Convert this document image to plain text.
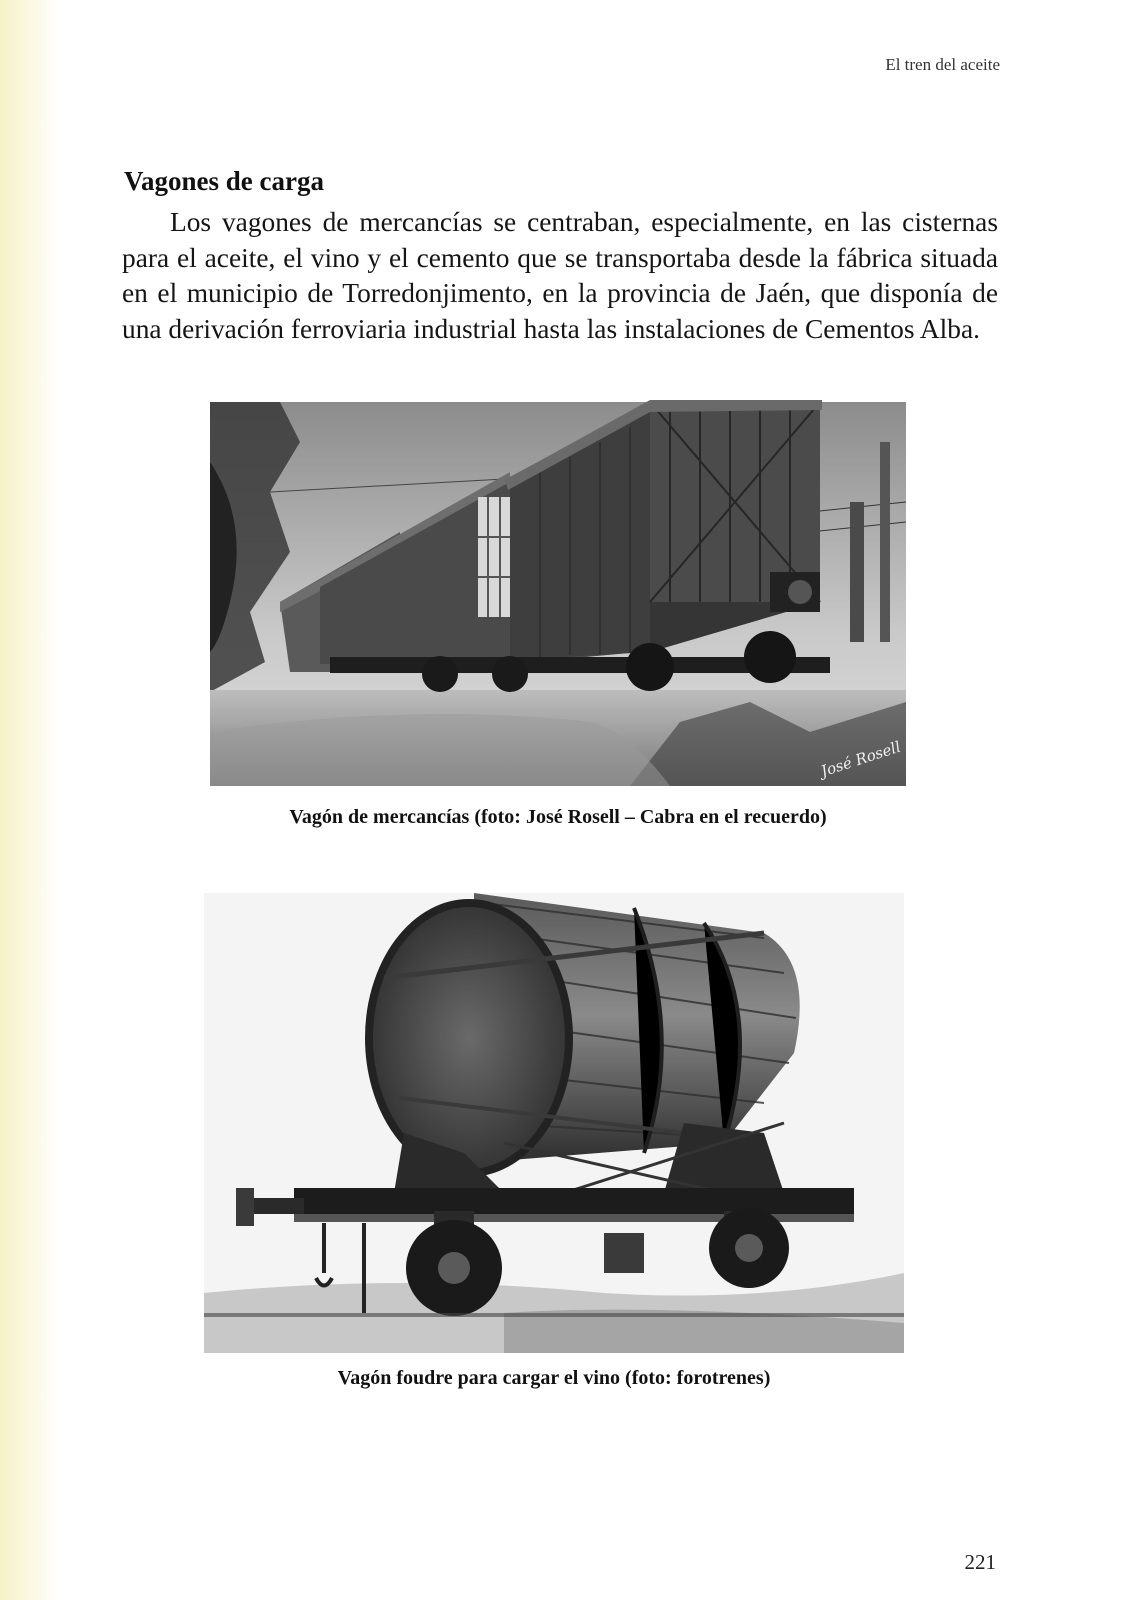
El tren del aceite
Vagones de carga

Los vagones de mercancías se centraban, especialmente, en las cisternas para el aceite, el vino y el cemento que se transportaba desde la fábrica situada en el municipio de Torredonjimento, en la provincia de Jaén, que disponía de una derivación ferroviaria industrial hasta las instalaciones de Cementos Alba.

José Rosell

Vagón de mercancías (foto: José Rosell – Cabra en el recuerdo)

Vagón foudre para cargar el vino (foto: forotrenes)

221
